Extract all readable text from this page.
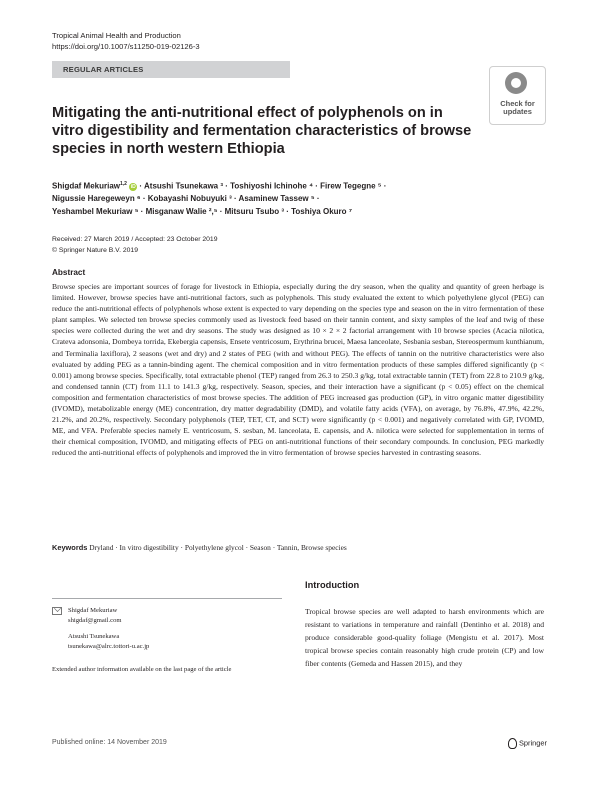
Tropical Animal Health and Production
https://doi.org/10.1007/s11250-019-02126-3
REGULAR ARTICLES
Check for updates
Mitigating the anti-nutritional effect of polyphenols on in vitro digestibility and fermentation characteristics of browse species in north western Ethiopia
Shigdaf Mekuriaw$^{1,2}$ iD · Atsushi Tsunekawa ³ · Toshiyoshi Ichinohe ⁴ · Firew Tegegne ⁵ ·
Nigussie Haregeweyn ⁶ · Kobayashi Nobuyuki ³ · Asaminew Tassew ⁵ ·
Yeshambel Mekuriaw ⁵ · Misganaw Walie ²,⁵ · Mitsuru Tsubo ³ · Toshiya Okuro ⁷
Received: 27 March 2019 / Accepted: 23 October 2019
© Springer Nature B.V. 2019
Abstract

Browse species are important sources of forage for livestock in Ethiopia, especially during the dry season, when the quality and quantity of green herbage is limited. However, browse species have anti-nutritional factors, such as polyphenols. This study evaluated the extent to which polyethylene glycol (PEG) can reduce the anti-nutritional effects of polyphenols whose extent is expected to vary depending on the species type and season on the in vitro fermentation of these plant samples. We selected ten browse species commonly used as livestock feed based on their tannin content, and sixty samples of the leaf and twig of these species were collected during the wet and dry seasons. The study was designed as 10 × 2 × 2 factorial arrangement with 10 browse species (Acacia nilotica, Crateva adonsonia, Dombeya torrida, Ekebergia capensis, Ensete ventricosum, Erythrina brucei, Maesa lanceolate, Sesbania sesban, Stereospermum kunthianum, and Terminalia laxiflora), 2 seasons (wet and dry) and 2 states of PEG (with and without PEG). The effects of tannin on the nutritive characteristics were also evaluated by adding PEG as a tannin-binding agent. The chemical composition and in vitro fermentation products of these samples differed significantly (p < 0.001) among browse species. Specifically, total extractable phenol (TEP) ranged from 26.3 to 250.3 g/kg, total extractable tannin (TET) from 22.8 to 210.9 g/kg, and condensed tannin (CT) from 11.1 to 141.3 g/kg, respectively. Season, species, and their interaction have a significant (p < 0.05) effect on the chemical composition and fermentation characteristics of most browse species. The addition of PEG increased gas production (GP), in vitro organic matter digestibility (IVOMD), metabolizable energy (ME) concentration, dry matter degradability (DMD), and volatile fatty acids (VFA), on average, by 76.8%, 47.9%, 42.2%, 21.2%, and 20.2%, respectively. Secondary polyphenols (TEP, TET, CT, and SCT) were significantly (p < 0.001) and negatively correlated with GP, IVOMD, ME, and VFA. Preferable species namely E. ventricosum, S. sesban, M. lanceolata, E. capensis, and A. nilotica were selected for supplementation in terms of their chemical composition, IVOMD, and mitigating effects of PEG on anti-nutritional functions of their secondary compounds. In conclusion, PEG markedly reduced the anti-nutritional effects of polyphenols and improved the in vitro fermentation of browse species harvested in contrasting seasons.

Keywords Dryland · In vitro digestibility · Polyethylene glycol · Season · Tannin, Browse species
Shigdaf Mekuriaw
shigdaf@gmail.com
Atsushi Tsunekawa
tsunekawa@alrc.tottori-u.ac.jp
Extended author information available on the last page of the article
Introduction

Tropical browse species are well adapted to harsh environments which are resistant to variations in temperature and rainfall (Dentinho et al. 2018) and produce considerable good-quality foliage (Mengistu et al. 2017). Most tropical browse species contain reasonably high crude protein (CP) and low fiber contents (Gemeda and Hassen 2015), and they

Published online: 14 November 2019	Springer
